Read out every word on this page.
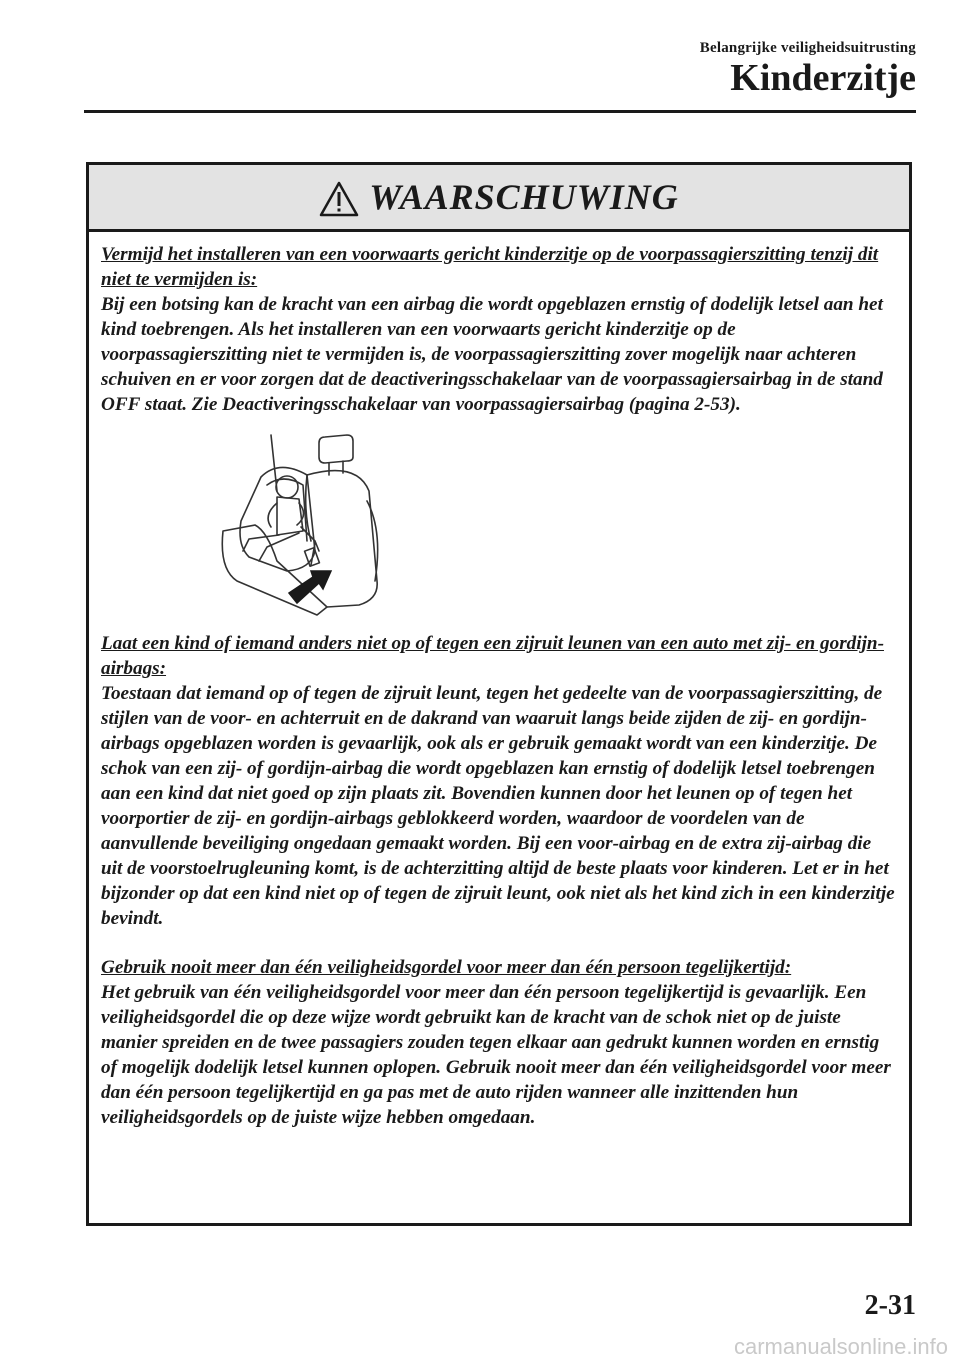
Belangrijke veiligheidsuitrusting
Kinderzitje
WAARSCHUWING

Vermijd het installeren van een voorwaarts gericht kinderzitje op de voorpassagierszitting tenzij dit niet te vermijden is:

Bij een botsing kan de kracht van een airbag die wordt opgeblazen ernstig of dodelijk letsel aan het kind toebrengen. Als het installeren van een voorwaarts gericht kinderzitje op de voorpassagierszitting niet te vermijden is, de voorpassagierszitting zover mogelijk naar achteren schuiven en er voor zorgen dat de deactiveringsschakelaar van de voorpassagiersairbag in de stand OFF staat. Zie Deactiveringsschakelaar van voorpassagiersairbag (pagina 2-53).

Laat een kind of iemand anders niet op of tegen een zijruit leunen van een auto met zij- en gordijn-airbags:

Toestaan dat iemand op of tegen de zijruit leunt, tegen het gedeelte van de voorpassagierszitting, de stijlen van de voor- en achterruit en de dakrand van waaruit langs beide zijden de zij- en gordijn-airbags opgeblazen worden is gevaarlijk, ook als er gebruik gemaakt wordt van een kinderzitje. De schok van een zij- of gordijn-airbag die wordt opgeblazen kan ernstig of dodelijk letsel toebrengen aan een kind dat niet goed op zijn plaats zit. Bovendien kunnen door het leunen op of tegen het voorportier de zij- en gordijn-airbags geblokkeerd worden, waardoor de voordelen van de aanvullende beveiliging ongedaan gemaakt worden. Bij een voor-airbag en de extra zij-airbag die uit de voorstoelrugleuning komt, is de achterzitting altijd de beste plaats voor kinderen. Let er in het bijzonder op dat een kind niet op of tegen de zijruit leunt, ook niet als het kind zich in een kinderzitje bevindt.

Gebruik nooit meer dan één veiligheidsgordel voor meer dan één persoon tegelijkertijd:

Het gebruik van één veiligheidsgordel voor meer dan één persoon tegelijkertijd is gevaarlijk. Een veiligheidsgordel die op deze wijze wordt gebruikt kan de kracht van de schok niet op de juiste manier spreiden en de twee passagiers zouden tegen elkaar aan gedrukt kunnen worden en ernstig of mogelijk dodelijk letsel kunnen oplopen. Gebruik nooit meer dan één veiligheidsgordel voor meer dan één persoon tegelijkertijd en ga pas met de auto rijden wanneer alle inzittenden hun veiligheidsgordels op de juiste wijze hebben omgedaan.

2-31
carmanualsonline.info
